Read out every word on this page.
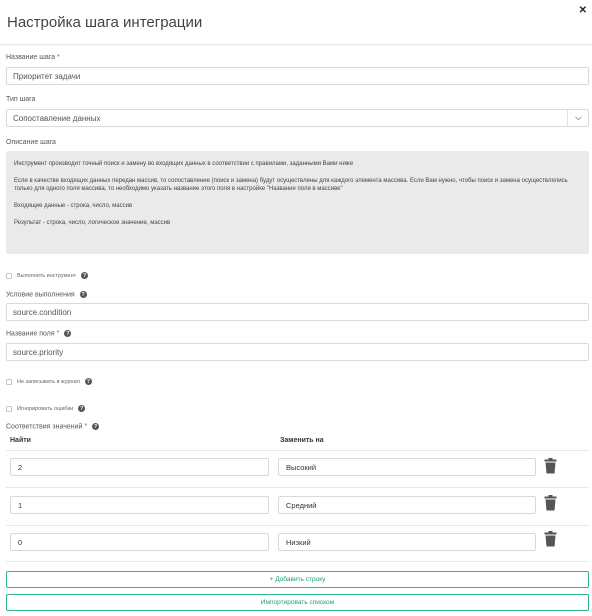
Настройка шага интеграции
✕
Название шага *
Приоритет задачи
Тип шага
Сопоставление данных
Описание шага

Инструмент производит точный поиск и замену во входящих данных в соответствии с правилами, заданными Вами ниже

Если в качестве входящих данных передан массив, то сопоставление (поиск и замена) будут осуществлены для каждого элемента массива. Если Вам нужно, чтобы поиск и замена осуществлялись только для одного поля массива, то необходимо указать название этого поля в настройке "Название поля в массиве"

Входящие данные - строка, число, массив

Результат - строка, число, логическое значение, массив

Выполнять инструмент	?
Условие выполнения ?
source.condition
Название поля * ?
source.priority
Не записывать в журнал	?
Игнорировать ошибки	?
Соответствия значений * ?
Найти	Заменить на
2	Высокий
1	Средний
0	Низкий
+ Добавить строку
Импортировать списком
